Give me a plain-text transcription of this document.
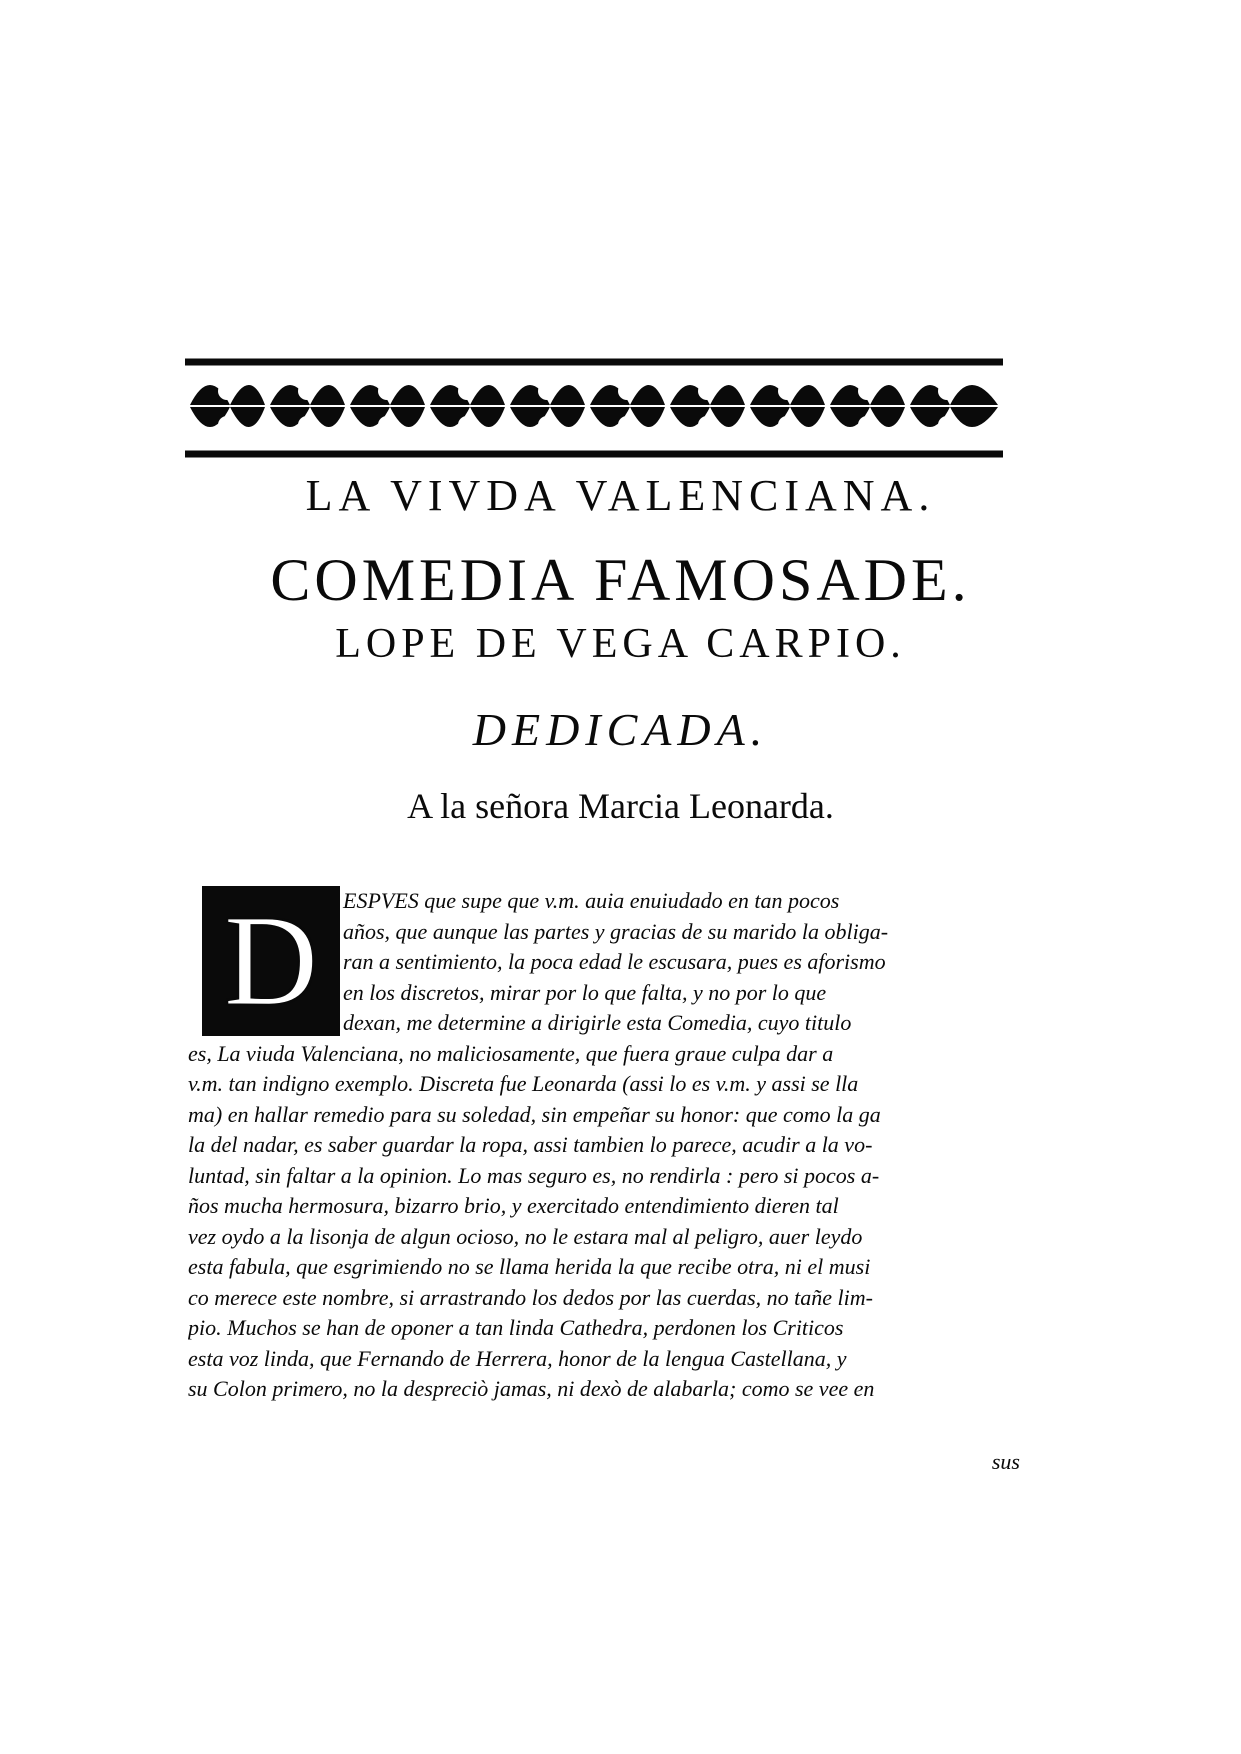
LA VIVDA VALENCIANA.
COMEDIA FAMOSADE.
LOPE DE VEGA CARPIO.
DEDICADA.
A la señora Marcia Leonarda.
D	ESPVES que supe que v.m. auia enuiudado en tan pocos
años, que aunque las partes y gracias de su marido la obliga-
ran a sentimiento, la poca edad le escusara, pues es aforismo
en los discretos, mirar por lo que falta, y no por lo que
dexan, me determine a dirigirle esta Comedia, cuyo titulo
es, La viuda Valenciana, no maliciosamente, que fuera graue culpa dar a
v.m. tan indigno exemplo. Discreta fue Leonarda (assi lo es v.m. y assi se lla
ma) en hallar remedio para su soledad, sin empeñar su honor: que como la ga
la del nadar, es saber guardar la ropa, assi tambien lo parece, acudir a la vo-
luntad, sin faltar a la opinion. Lo mas seguro es, no rendirla : pero si pocos a-
ños mucha hermosura, bizarro brio, y exercitado entendimiento dieren tal
vez oydo a la lisonja de algun ocioso, no le estara mal al peligro, auer leydo
esta fabula, que esgrimiendo no se llama herida la que recibe otra, ni el musi
co merece este nombre, si arrastrando los dedos por las cuerdas, no tañe lim-
pio. Muchos se han de oponer a tan linda Cathedra, perdonen los Criticos
esta voz linda, que Fernando de Herrera, honor de la lengua Castellana, y
su Colon primero, no la despreciò jamas, ni dexò de alabarla; como se vee en
sus
